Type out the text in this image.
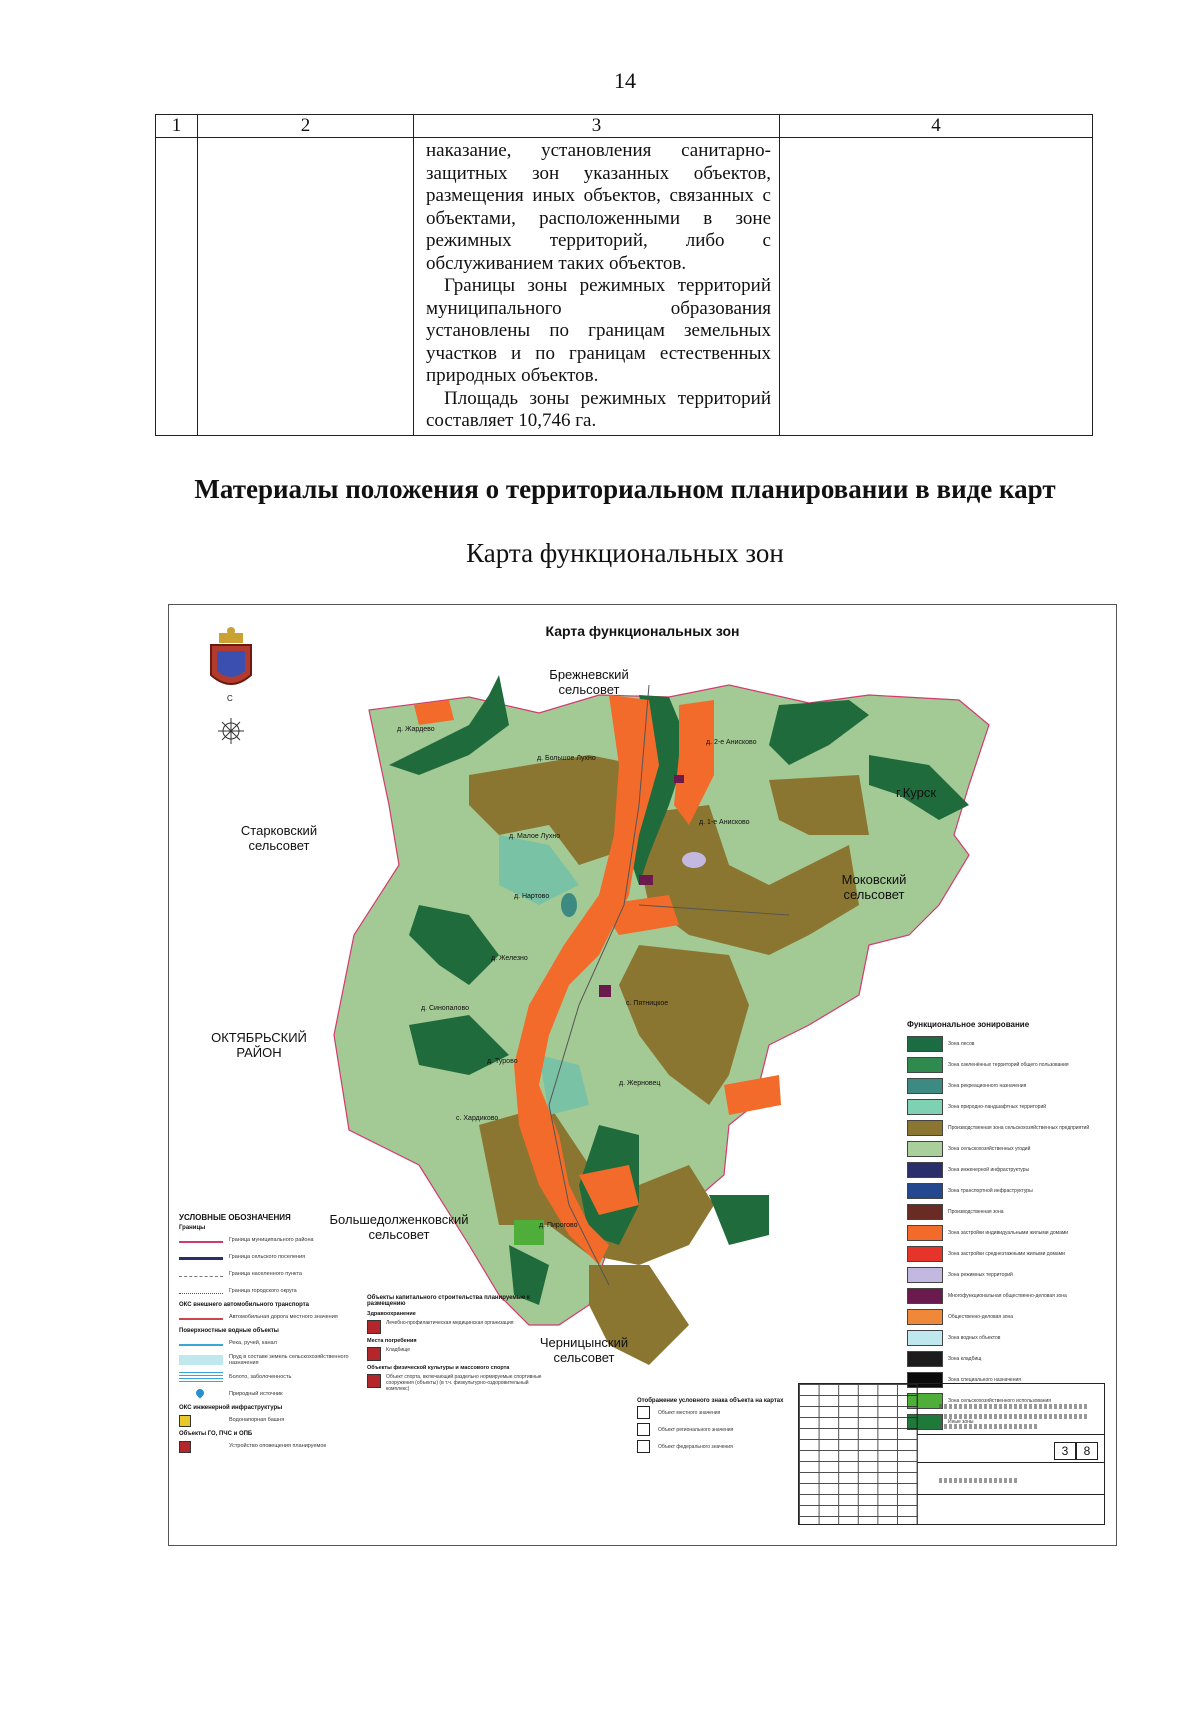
14
1	2	3	4

		наказание, установления санитарно-защитных зон указанных объектов, размещения иных объектов, связанных с объектами, расположенными в зоне режимных территорий, либо с обслуживанием таких объектов.

Границы зоны режимных территорий муниципального образования установлены по границам земельных участков и по границам естественных природных объектов.

Площадь зоны режимных территорий составляет 10,746 га.	

Материалы положения о территориальном планировании в виде карт
Карта функциональных зон
Карта функциональных зон
С
Брежневский сельсовет
Старковский сельсовет
г.Курск
Моковский сельсовет
ОКТЯБРЬСКИЙ РАЙОН
Большедолженковский сельсовет
Черницынский сельсовет
д. Жардево
д. Большое Лухно
д. 2-е Анисково
д. 1-е Анисково
д. Малое Лухно
д. Нартово
д. Железно
д. Синопалово
с. Пятницкое
д. Турово
д. Жерновец
с. Хардиково
д. Пирогово
Функциональное зонирование
Зона лесов
Зона озеленённых территорий общего пользования
Зона рекреационного назначения
Зона природно-ландшафтных территорий
Производственная зона сельскохозяйственных предприятий
Зона сельскохозяйственных угодий
Зона инженерной инфраструктуры
Зона транспортной инфраструктуры
Производственная зона
Зона застройки индивидуальными жилыми домами
Зона застройки среднеэтажными жилыми домами
Зона режимных территорий
Многофункциональная общественно-деловая зона
Общественно-деловая зона
Зона водных объектов
Зона кладбищ
Зона специального назначения
Зона сельскохозяйственного использования
Иные зоны
УСЛОВНЫЕ ОБОЗНАЧЕНИЯ
Границы
Граница муниципального района
Граница сельского поселения
Граница населенного пункта
Граница городского округа
ОКС внешнего автомобильного транспорта
Автомобильная дорога местного значения
Поверхностные водные объекты
Река, ручей, канал
Пруд в составе земель сельскохозяйственного назначения
Болото, заболоченность
Природный источник
ОКС инженерной инфраструктуры
Водонапорная башня
Объекты ГО, ПЧС и ОПБ
Устройство оповещения планируемое
Объекты капитального строительства планируемые к размещению
Здравоохранение
Лечебно-профилактическая медицинская организация
Места погребения
Кладбище
Объекты физической культуры и массового спорта
Объект спорта, включающий раздельно нормируемые спортивные сооружения (объекты) (в т.ч. физкультурно-оздоровительный комплекс)
Отображение условного знака объекта на картах
Объект местного значения
Объект регионального значения
Объект федерального значения	3	8
